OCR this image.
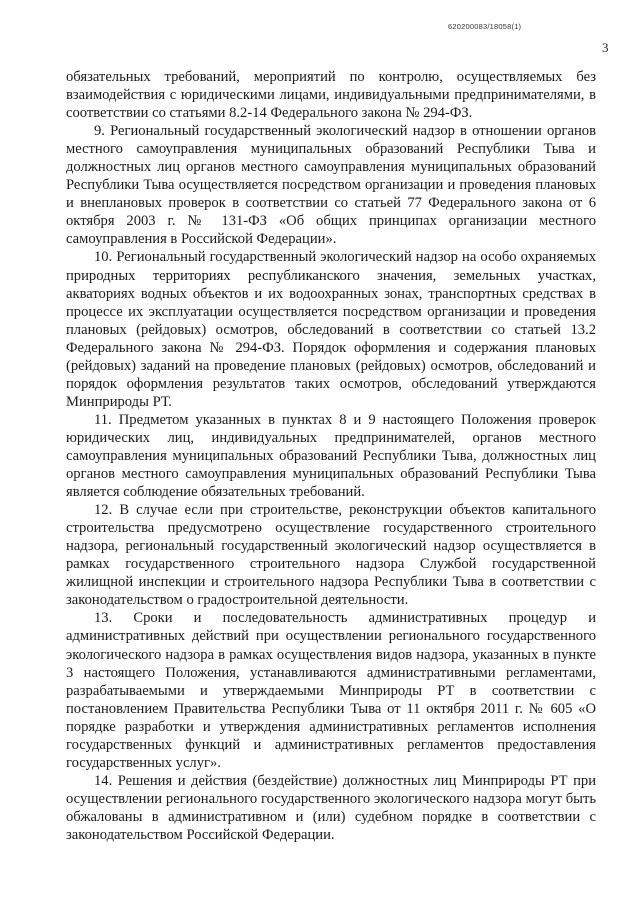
620200083/18058(1)
3

обязательных требований, мероприятий по контролю, осуществляемых без взаимодействия с юридическими лицами, индивидуальными предпринимателями, в соответствии со статьями 8.2-14 Федерального закона № 294-ФЗ.

9. Региональный государственный экологический надзор в отношении органов местного самоуправления муниципальных образований Республики Тыва и должностных лиц органов местного самоуправления муниципальных образований Республики Тыва осуществляется посредством организации и проведения плановых и внеплановых проверок в соответствии со статьей 77 Федерального закона от 6 октября 2003 г. № 131-ФЗ «Об общих принципах организации местного самоуправления в Российской Федерации».

10. Региональный государственный экологический надзор на особо охраняемых природных территориях республиканского значения, земельных участках, акваториях водных объектов и их водоохранных зонах, транспортных средствах в процессе их эксплуатации осуществляется посредством организации и проведения плановых (рейдовых) осмотров, обследований в соответствии со статьей 13.2 Федерального закона № 294-ФЗ. Порядок оформления и содержания плановых (рейдовых) заданий на проведение плановых (рейдовых) осмотров, обследований и порядок оформления результатов таких осмотров, обследований утверждаются Минприроды РТ.

11. Предметом указанных в пунктах 8 и 9 настоящего Положения проверок юридических лиц, индивидуальных предпринимателей, органов местного самоуправления муниципальных образований Республики Тыва, должностных лиц органов местного самоуправления муниципальных образований Республики Тыва является соблюдение обязательных требований.

12. В случае если при строительстве, реконструкции объектов капитального строительства предусмотрено осуществление государственного строительного надзора, региональный государственный экологический надзор осуществляется в рамках государственного строительного надзора Службой государственной жилищной инспекции и строительного надзора Республики Тыва в соответствии с законодательством о градостроительной деятельности.

13. Сроки и последовательность административных процедур и административных действий при осуществлении регионального государственного экологического надзора в рамках осуществления видов надзора, указанных в пункте 3 настоящего Положения, устанавливаются административными регламентами, разрабатываемыми и утверждаемыми Минприроды РТ в соответствии с постановлением Правительства Республики Тыва от 11 октября 2011 г. № 605 «О порядке разработки и утверждения административных регламентов исполнения государственных функций и административных регламентов предоставления государственных услуг».

14. Решения и действия (бездействие) должностных лиц Минприроды РТ при осуществлении регионального государственного экологического надзора могут быть обжалованы в административном и (или) судебном порядке в соответствии с законодательством Российской Федерации.
